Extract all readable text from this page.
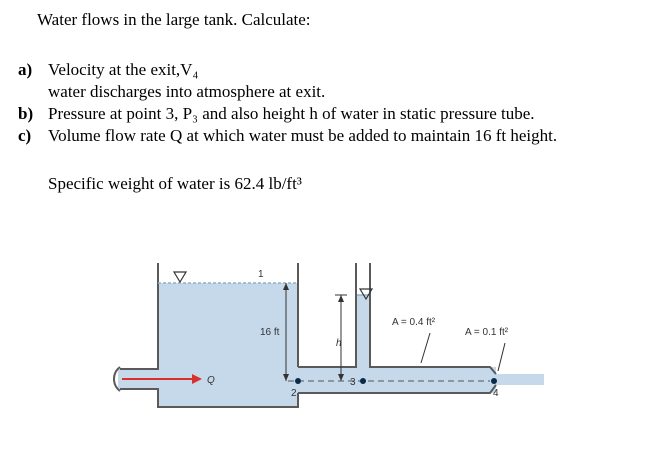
Water flows in the large tank. Calculate:
a) Velocity at the exit,V₄
water discharges into atmosphere at exit.
b) Pressure at point 3, P₃ and also height h of water in static pressure tube.
c) Volume flow rate Q at which water must be added to maintain 16 ft height.
Specific weight of water is 62.4 lb/ft³
1
16 ft
h
2
3
4
Q
A = 0.4 ft²
A = 0.1 ft²
